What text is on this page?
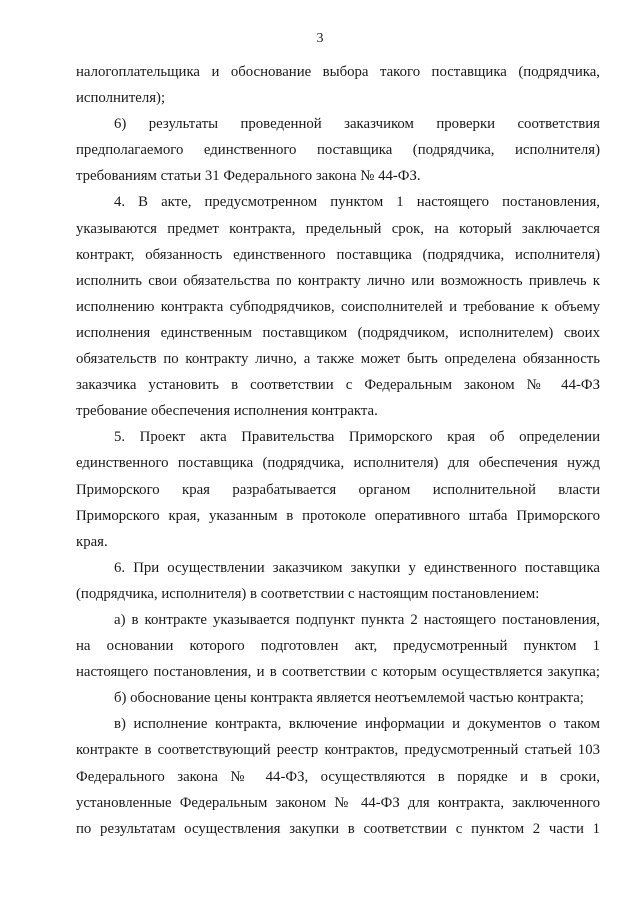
3
налогоплательщика и обоснование выбора такого поставщика (подрядчика,
исполнителя);
6) результаты проведенной заказчиком проверки соответствия
предполагаемого единственного поставщика (подрядчика, исполнителя)
требованиям статьи 31 Федерального закона № 44-ФЗ.
4. В акте, предусмотренном пунктом 1 настоящего постановления,
указываются предмет контракта, предельный срок, на который заключается
контракт, обязанность единственного поставщика (подрядчика, исполнителя)
исполнить свои обязательства по контракту лично или возможность привлечь к
исполнению контракта субподрядчиков, соисполнителей и требование к объему
исполнения единственным поставщиком (подрядчиком, исполнителем) своих
обязательств по контракту лично, а также может быть определена обязанность
заказчика установить в соответствии с Федеральным законом № 44-ФЗ
требование обеспечения исполнения контракта.
5. Проект акта Правительства Приморского края об определении
единственного поставщика (подрядчика, исполнителя) для обеспечения нужд
Приморского края разрабатывается органом исполнительной власти
Приморского края, указанным в протоколе оперативного штаба Приморского
края.
6. При осуществлении заказчиком закупки у единственного поставщика
(подрядчика, исполнителя) в соответствии с настоящим постановлением:
а) в контракте указывается подпункт пункта 2 настоящего постановления,
на основании которого подготовлен акт, предусмотренный пунктом 1
настоящего постановления, и в соответствии с которым осуществляется закупка;
б) обоснование цены контракта является неотъемлемой частью контракта;
в) исполнение контракта, включение информации и документов о таком
контракте в соответствующий реестр контрактов, предусмотренный статьей 103
Федерального закона № 44-ФЗ, осуществляются в порядке и в сроки,
установленные Федеральным законом № 44-ФЗ для контракта, заключенного
по результатам осуществления закупки в соответствии с пунктом 2 части 1
